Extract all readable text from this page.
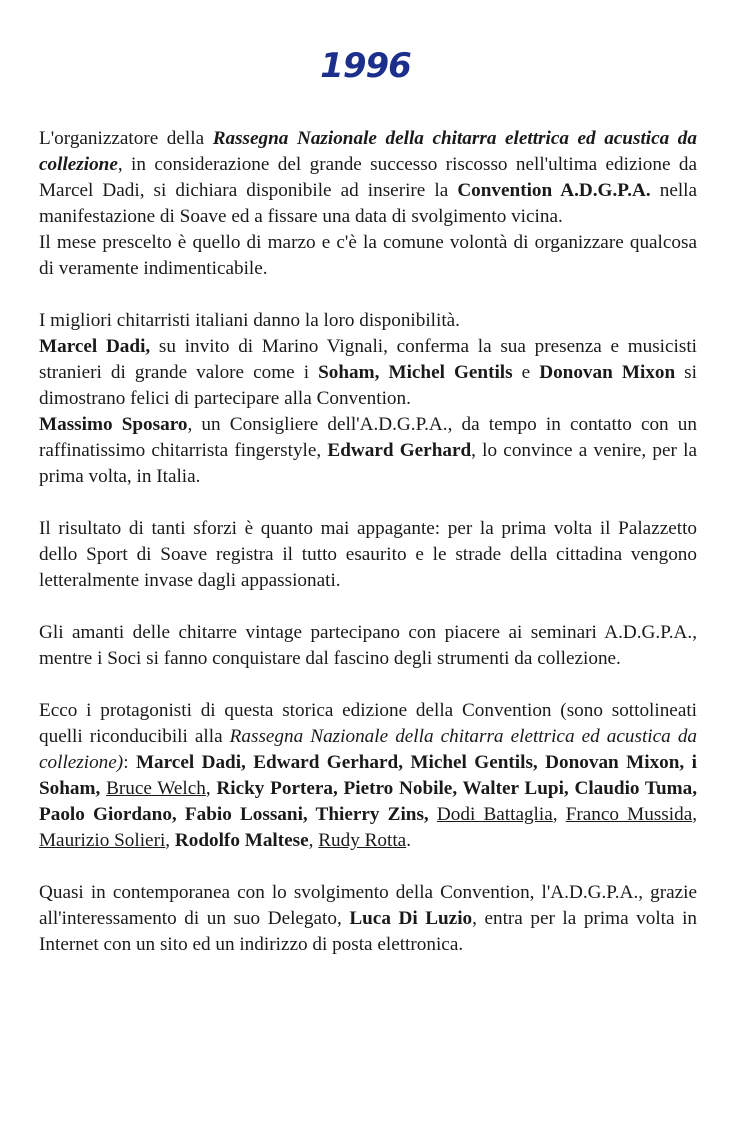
1996

L'organizzatore della Rassegna Nazionale della chitarra elettrica ed acustica da collezione, in considerazione del grande successo riscosso nell'ultima edizione da Marcel Dadi, si dichiara disponibile ad inserire la Convention A.D.G.P.A. nella manifestazione di Soave ed a fissare una data di svolgimento vicina.

Il mese prescelto è quello di marzo e c'è la comune volontà di organizzare qualcosa di veramente indimenticabile.

I migliori chitarristi italiani danno la loro disponibilità.

Marcel Dadi, su invito di Marino Vignali, conferma la sua presenza e musicisti stranieri di grande valore come i Soham, Michel Gentils e Donovan Mixon si dimostrano felici di partecipare alla Convention.

Massimo Sposaro, un Consigliere dell'A.D.G.P.A., da tempo in contatto con un raffinatissimo chitarrista fingerstyle, Edward Gerhard, lo convince a venire, per la prima volta, in Italia.

Il risultato di tanti sforzi è quanto mai appagante: per la prima volta il Palazzetto dello Sport di Soave registra il tutto esaurito e le strade della cittadina vengono letteralmente invase dagli appassionati.

Gli amanti delle chitarre vintage partecipano con piacere ai seminari A.D.G.P.A., mentre i Soci si fanno conquistare dal fascino degli strumenti da collezione.

Ecco i protagonisti di questa storica edizione della Convention (sono sottolineati quelli riconducibili alla Rassegna Nazionale della chitarra elettrica ed acustica da collezione): Marcel Dadi, Edward Gerhard, Michel Gentils, Donovan Mixon, i Soham, Bruce Welch, Ricky Portera, Pietro Nobile, Walter Lupi, Claudio Tuma, Paolo Giordano, Fabio Lossani, Thierry Zins, Dodi Battaglia, Franco Mussida, Maurizio Solieri, Rodolfo Maltese, Rudy Rotta.

Quasi in contemporanea con lo svolgimento della Convention, l'A.D.G.P.A., grazie all'interessamento di un suo Delegato, Luca Di Luzio, entra per la prima volta in Internet con un sito ed un indirizzo di posta elettronica.
